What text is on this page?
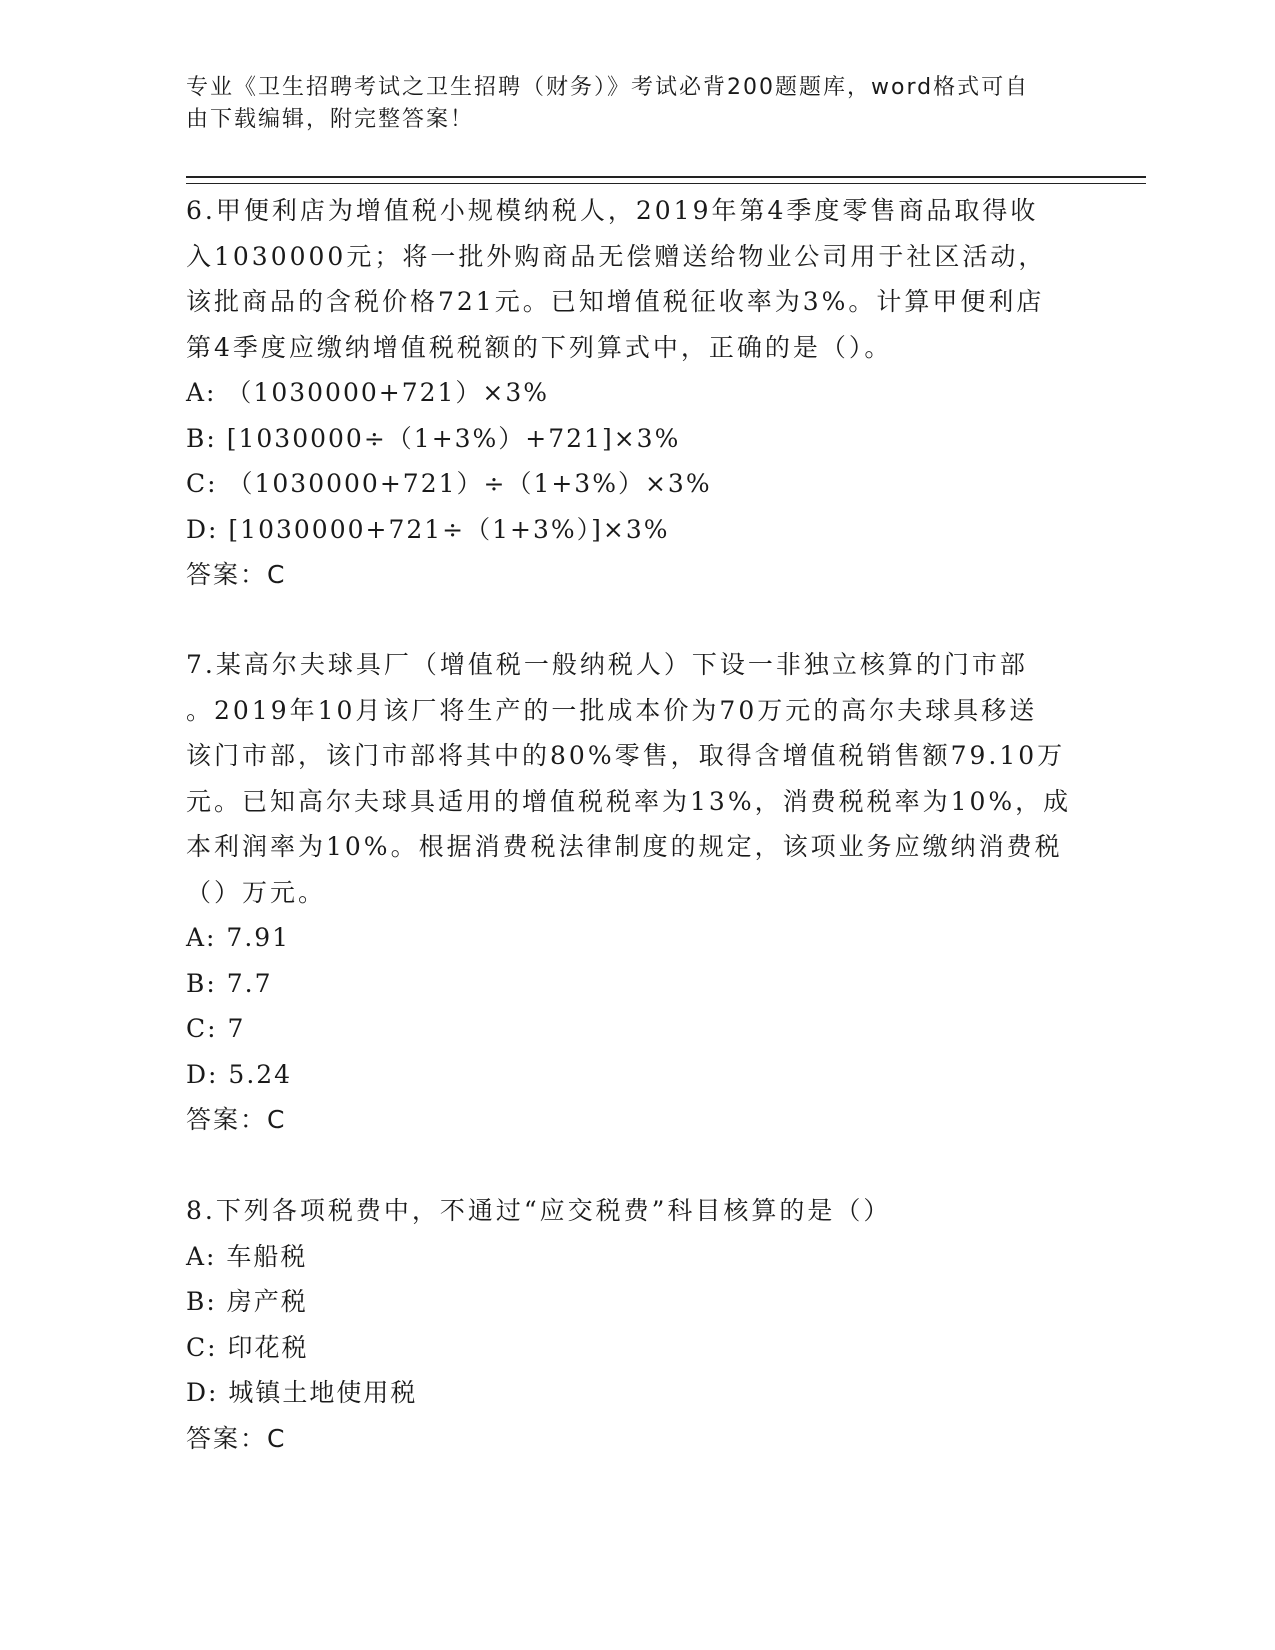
专业《卫生招聘考试之卫生招聘（财务）》考试必背200题题库，word格式可自
由下载编辑，附完整答案！

6.甲便利店为增值税小规模纳税人，2019年第4季度零售商品取得收

入1030000元；将一批外购商品无偿赠送给物业公司用于社区活动，

该批商品的含税价格721元。已知增值税征收率为3%。计算甲便利店

第4季度应缴纳增值税税额的下列算式中，正确的是（）。

A: （1030000+721）×3%

B: [1030000÷（1+3%）+721]×3%

C: （1030000+721）÷（1+3%）×3%

D: [1030000+721÷（1+3%）]×3%

答案：C

7.某高尔夫球具厂（增值税一般纳税人）下设一非独立核算的门市部

。2019年10月该厂将生产的一批成本价为70万元的高尔夫球具移送

该门市部，该门市部将其中的80%零售，取得含增值税销售额79.10万

元。已知高尔夫球具适用的增值税税率为13%，消费税税率为10%，成

本利润率为10%。根据消费税法律制度的规定，该项业务应缴纳消费税

（）万元。

A: 7.91

B: 7.7

C: 7

D: 5.24

答案：C

8.下列各项税费中，不通过“应交税费”科目核算的是（）

A: 车船税

B: 房产税

C: 印花税

D: 城镇土地使用税

答案：C
